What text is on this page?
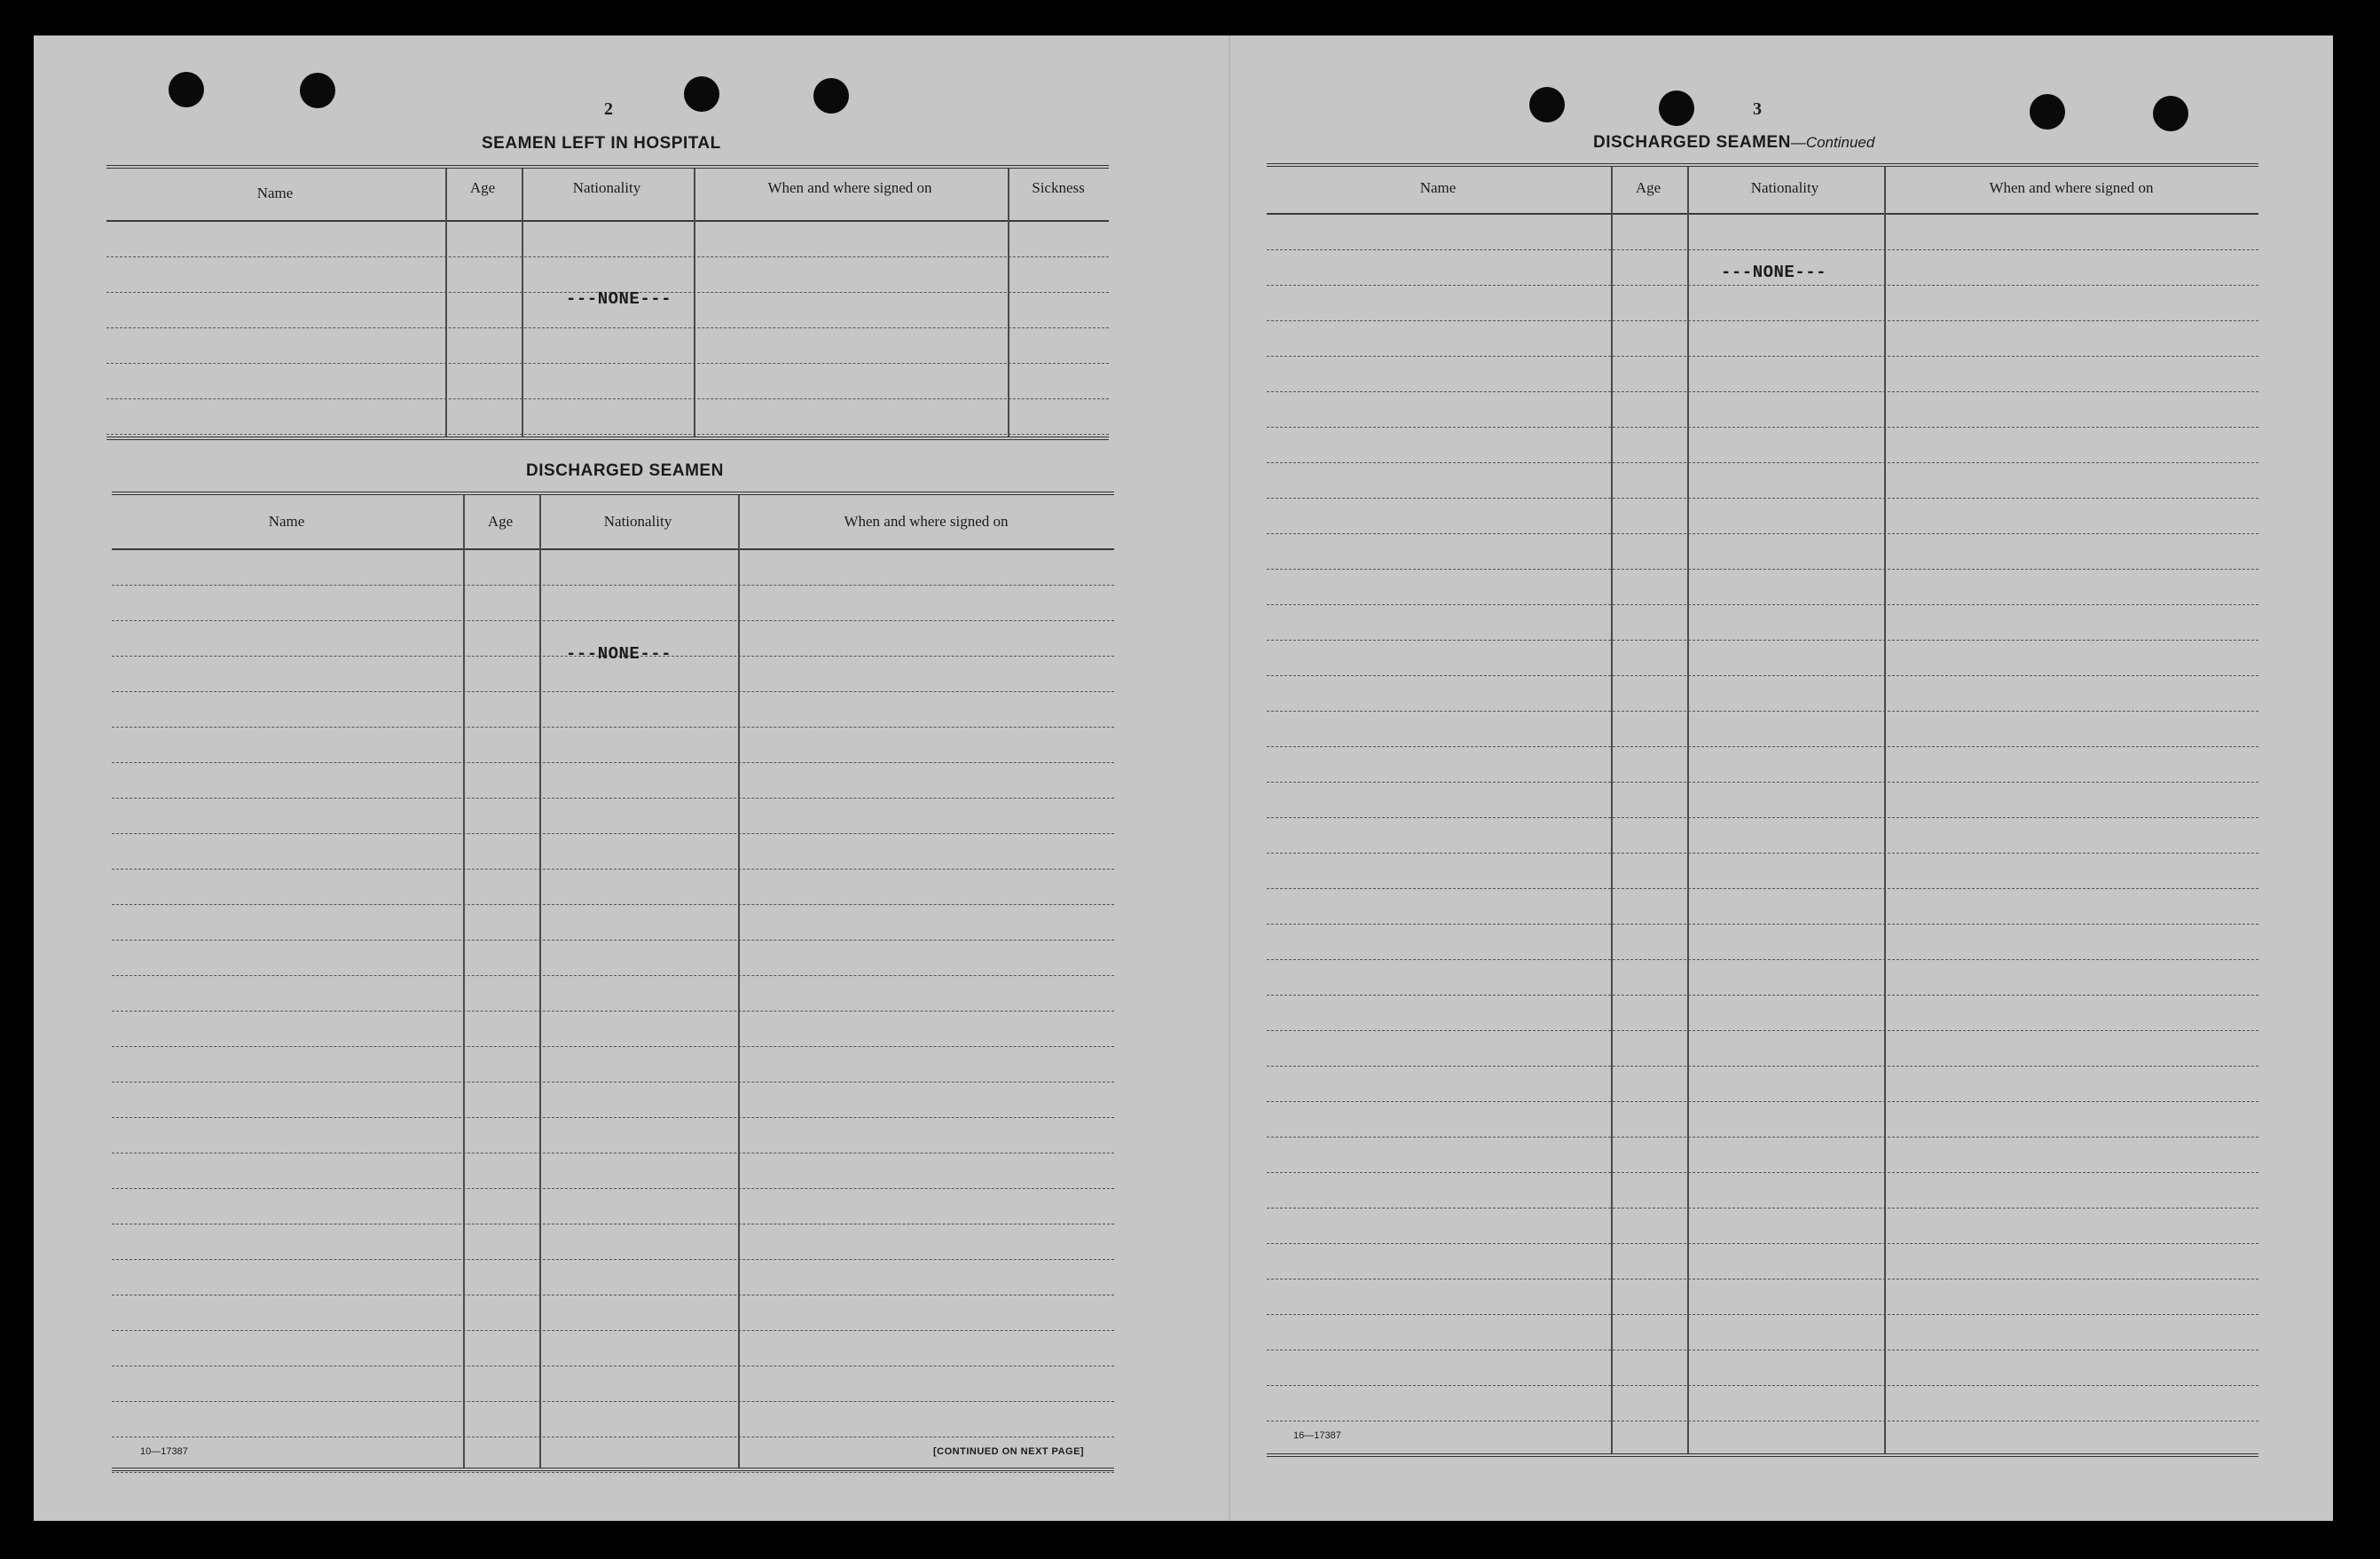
2
SEAMEN LEFT IN HOSPITAL
Name	Age	Nationality	When and where signed on	Sickness
---NONE---
DISCHARGED SEAMEN
Name	Age	Nationality	When and where signed on
---NONE---
10—17387	[CONTINUED ON NEXT PAGE]
3
DISCHARGED SEAMEN—Continued
Name	Age	Nationality	When and where signed on
---NONE---
16—17387
